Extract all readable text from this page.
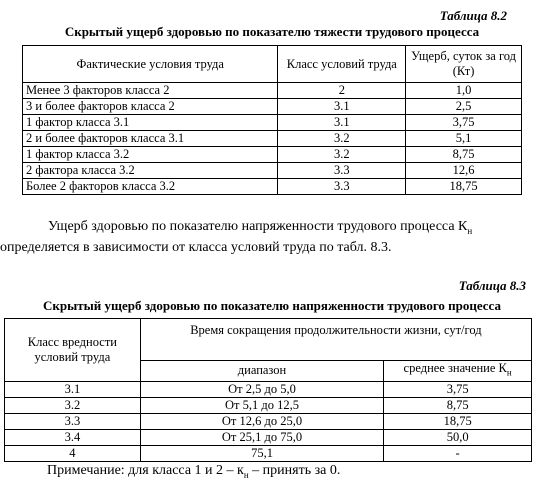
Таблица 8.2
Скрытый ущерб здоровью по показателю тяжести трудового процесса
Фактические условия труда	Класс условий труда	Ущерб, суток за год (Кт)
Менее 3 факторов класса 2	2	1,0
3 и более факторов класса 2	3.1	2,5
1 фактор класса 3.1	3.1	3,75
2 и более факторов класса 3.1	3.2	5,1
1 фактор класса 3.2	3.2	8,75
2 фактора класса 3.2	3.3	12,6
Более 2 факторов класса 3.2	3.3	18,75
Ущерб здоровью по показателю напряженности трудового процесса $К_н$
определяется в зависимости от класса условий труда по табл. 8.3.
Таблица 8.3
Скрытый ущерб здоровью по показателю напряженности трудового процесса
Класс вредности условий труда	Время сокращения продолжительности жизни, сут/год	
	диапазон	среднее значение $К_н$
3.1	От 2,5 до 5,0	3,75
3.2	От 5,1 до 12,5	8,75
3.3	От 12,6 до 25,0	18,75
3.4	От 25,1 до 75,0	50,0
4	75,1	-
Примечание: для класса 1 и $2 - к_н$ – принять за 0.
